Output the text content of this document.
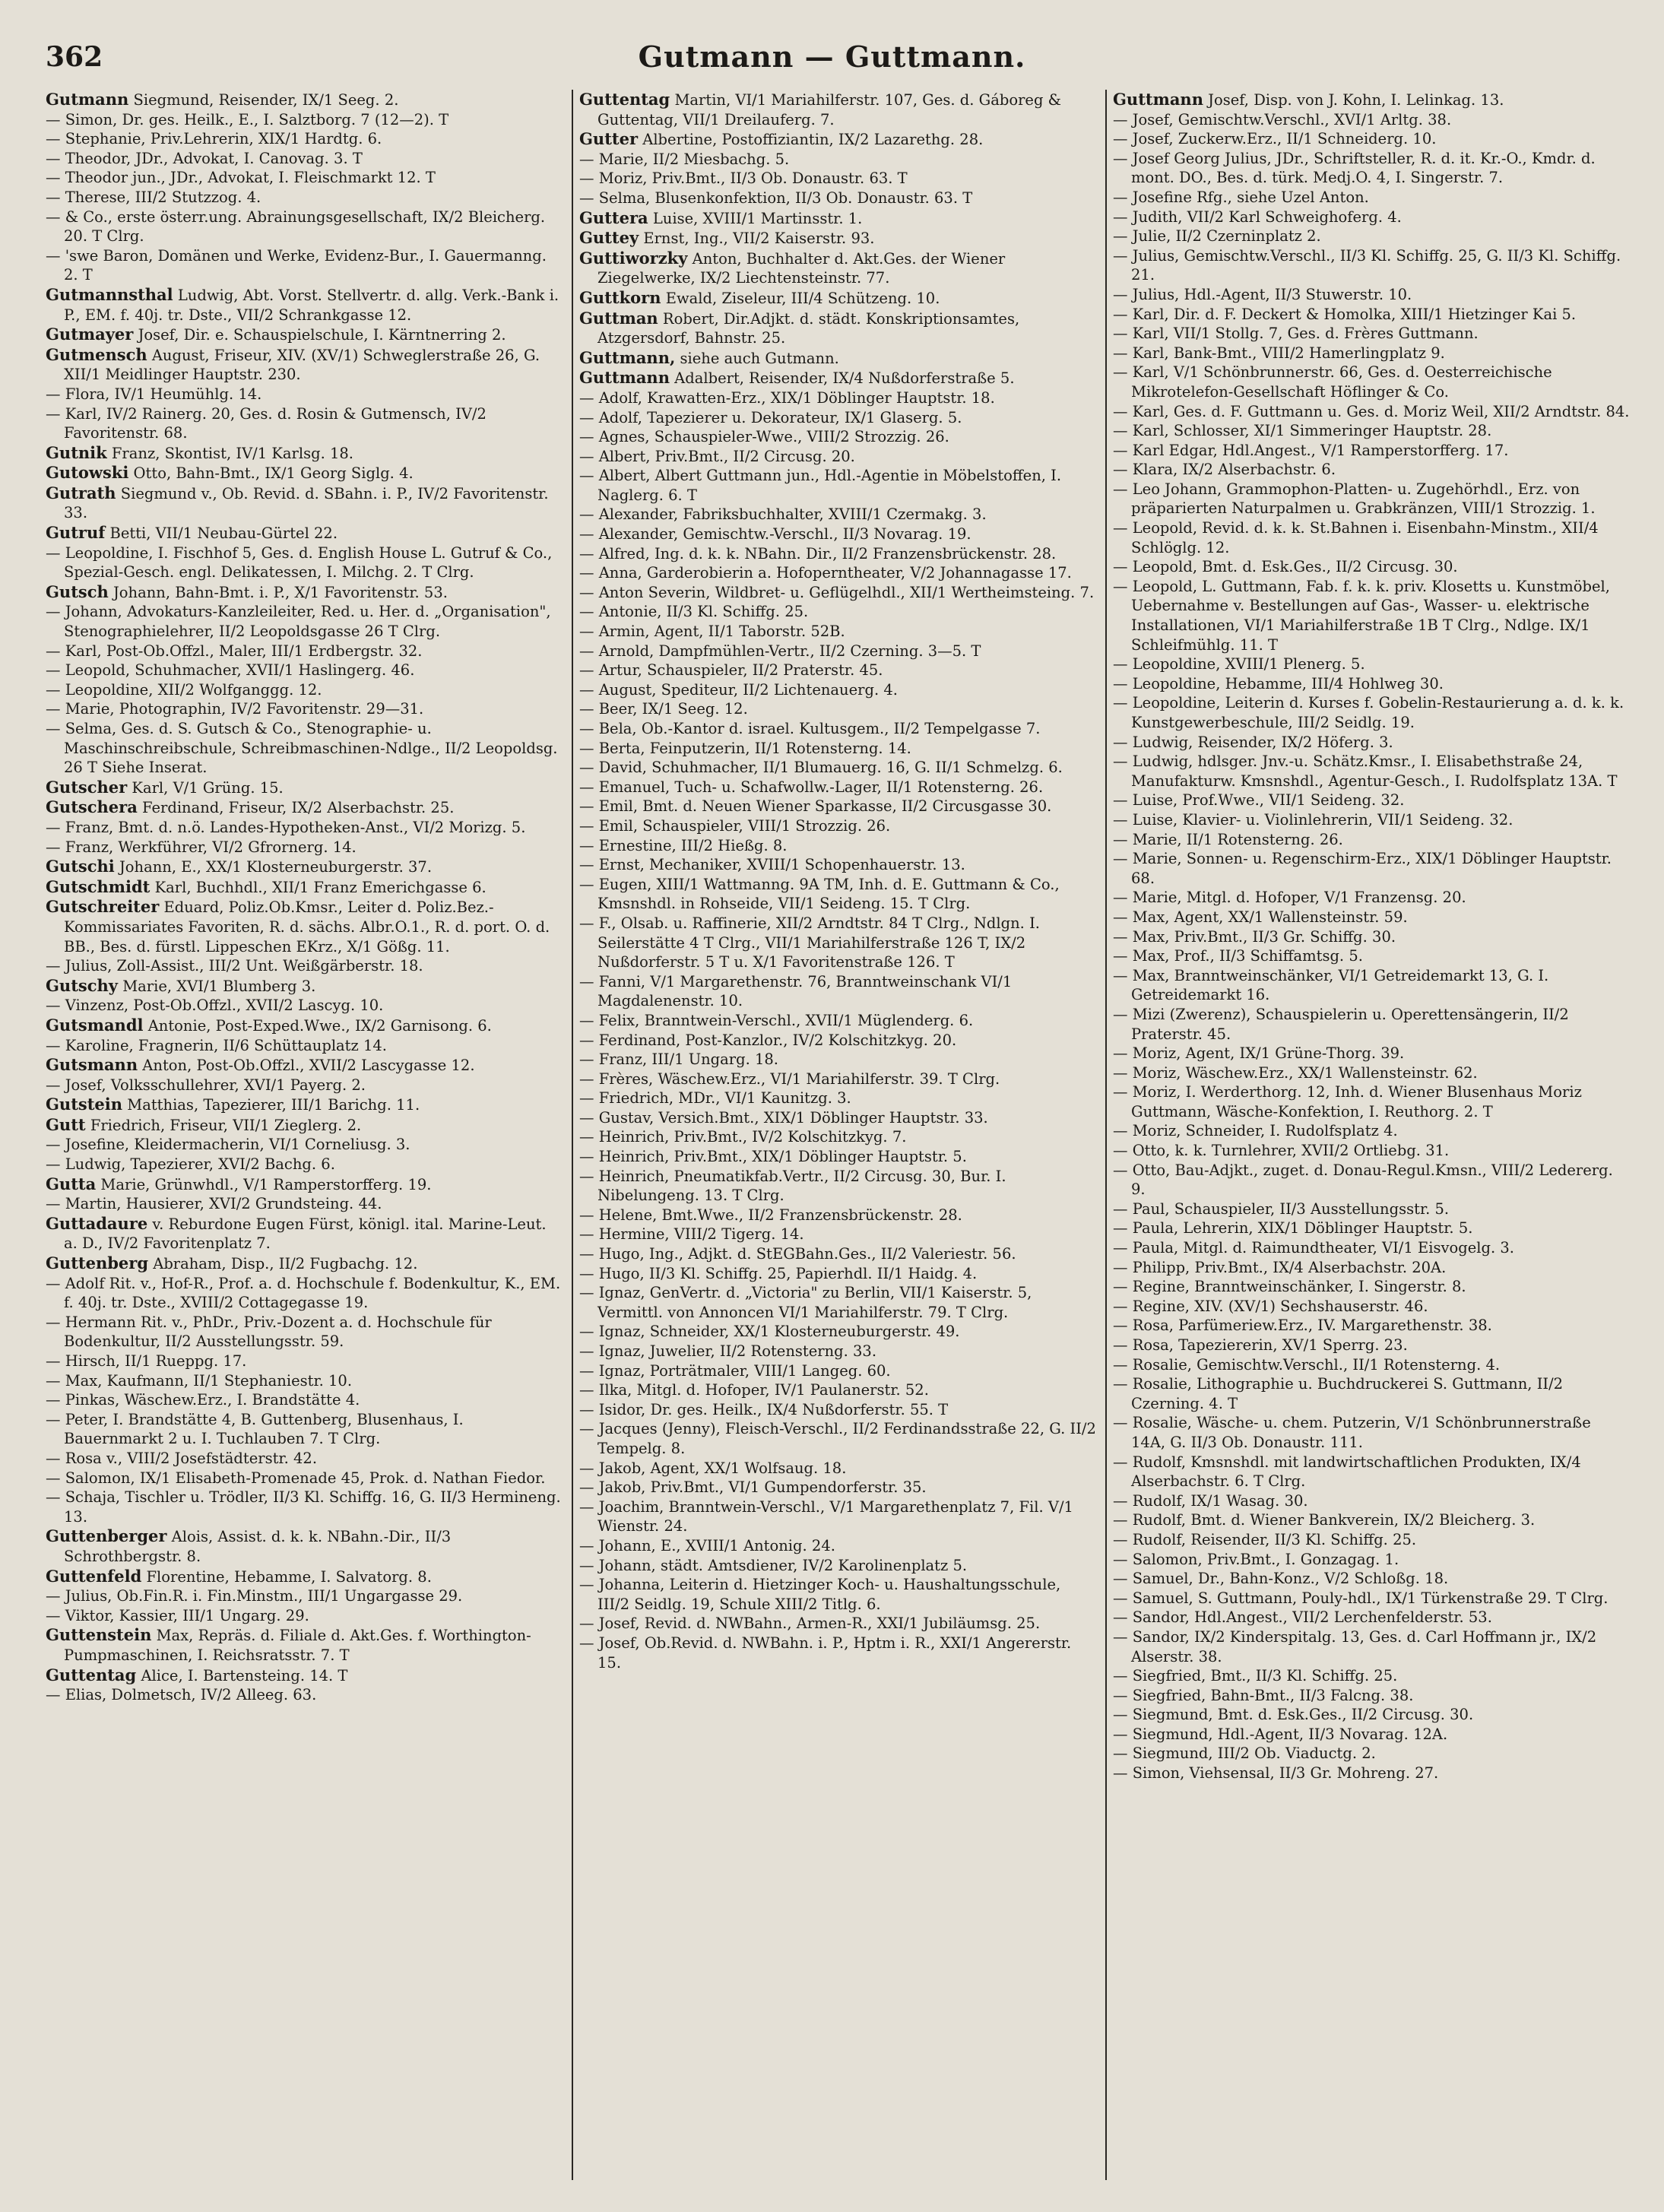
362	Gutmann — Guttmann.

Gutmann Siegmund, Reisender, IX/1 Seeg. 2.

— Simon, Dr. ges. Heilk., E., I. Salztborg. 7 (12—2). T

— Stephanie, Priv.Lehrerin, XIX/1 Hardtg. 6.

— Theodor, JDr., Advokat, I. Canovag. 3. T

— Theodor jun., JDr., Advokat, I. Fleischmarkt 12. T

— Therese, III/2 Stutzzog. 4.

— & Co., erste österr.ung. Abrainungsgesellschaft, IX/2 Bleicherg. 20. T Clrg.

— 'swe Baron, Domänen und Werke, Evidenz-Bur., I. Gauermanng. 2. T

Gutmannsthal Ludwig, Abt. Vorst. Stellvertr. d. allg. Verk.-Bank i. P., EM. f. 40j. tr. Dste., VII/2 Schrankgasse 12.

Gutmayer Josef, Dir. e. Schauspielschule, I. Kärntnerring 2.

Gutmensch August, Friseur, XIV. (XV/1) Schweglerstraße 26, G. XII/1 Meidlinger Hauptstr. 230.

— Flora, IV/1 Heumühlg. 14.

— Karl, IV/2 Rainerg. 20, Ges. d. Rosin & Gutmensch, IV/2 Favoritenstr. 68.

Gutnik Franz, Skontist, IV/1 Karlsg. 18.

Gutowski Otto, Bahn-Bmt., IX/1 Georg Siglg. 4.

Gutrath Siegmund v., Ob. Revid. d. SBahn. i. P., IV/2 Favoritenstr. 33.

Gutruf Betti, VII/1 Neubau-Gürtel 22.

— Leopoldine, I. Fischhof 5, Ges. d. English House L. Gutruf & Co., Spezial-Gesch. engl. Delikatessen, I. Milchg. 2. T Clrg.

Gutsch Johann, Bahn-Bmt. i. P., X/1 Favoritenstr. 53.

— Johann, Advokaturs-Kanzleileiter, Red. u. Her. d. „Organisation", Stenographielehrer, II/2 Leopoldsgasse 26 T Clrg.

— Karl, Post-Ob.Offzl., Maler, III/1 Erdbergstr. 32.

— Leopold, Schuhmacher, XVII/1 Haslingerg. 46.

— Leopoldine, XII/2 Wolfganggg. 12.

— Marie, Photographin, IV/2 Favoritenstr. 29—31.

— Selma, Ges. d. S. Gutsch & Co., Stenographie- u. Maschinschreibschule, Schreibmaschinen-Ndlge., II/2 Leopoldsg. 26 T Siehe Inserat.

Gutscher Karl, V/1 Grüng. 15.

Gutschera Ferdinand, Friseur, IX/2 Alserbachstr. 25.

— Franz, Bmt. d. n.ö. Landes-Hypotheken-Anst., VI/2 Morizg. 5.

— Franz, Werkführer, VI/2 Gfrornerg. 14.

Gutschi Johann, E., XX/1 Klosterneuburgerstr. 37.

Gutschmidt Karl, Buchhdl., XII/1 Franz Emerichgasse 6.

Gutschreiter Eduard, Poliz.Ob.Kmsr., Leiter d. Poliz.Bez.-Kommissariates Favoriten, R. d. sächs. Albr.O.1., R. d. port. O. d. BB., Bes. d. fürstl. Lippeschen EKrz., X/1 Gößg. 11.

— Julius, Zoll-Assist., III/2 Unt. Weißgärberstr. 18.

Gutschy Marie, XVI/1 Blumberg 3.

— Vinzenz, Post-Ob.Offzl., XVII/2 Lascyg. 10.

Gutsmandl Antonie, Post-Exped.Wwe., IX/2 Garnisong. 6.

— Karoline, Fragnerin, II/6 Schüttauplatz 14.

Gutsmann Anton, Post-Ob.Offzl., XVII/2 Lascygasse 12.

— Josef, Volksschullehrer, XVI/1 Payerg. 2.

Gutstein Matthias, Tapezierer, III/1 Barichg. 11.

Gutt Friedrich, Friseur, VII/1 Zieglerg. 2.

— Josefine, Kleidermacherin, VI/1 Corneliusg. 3.

— Ludwig, Tapezierer, XVI/2 Bachg. 6.

Gutta Marie, Grünwhdl., V/1 Ramperstorfferg. 19.

— Martin, Hausierer, XVI/2 Grundsteing. 44.

Guttadaure v. Reburdone Eugen Fürst, königl. ital. Marine-Leut. a. D., IV/2 Favoritenplatz 7.

Guttenberg Abraham, Disp., II/2 Fugbachg. 12.

— Adolf Rit. v., Hof-R., Prof. a. d. Hochschule f. Bodenkultur, K., EM. f. 40j. tr. Dste., XVIII/2 Cottagegasse 19.

— Hermann Rit. v., PhDr., Priv.-Dozent a. d. Hochschule für Bodenkultur, II/2 Ausstellungsstr. 59.

— Hirsch, II/1 Rueppg. 17.

— Max, Kaufmann, II/1 Stephaniestr. 10.

— Pinkas, Wäschew.Erz., I. Brandstätte 4.

— Peter, I. Brandstätte 4, B. Guttenberg, Blusenhaus, I. Bauernmarkt 2 u. I. Tuchlauben 7. T Clrg.

— Rosa v., VIII/2 Josefstädterstr. 42.

— Salomon, IX/1 Elisabeth-Promenade 45, Prok. d. Nathan Fiedor.

— Schaja, Tischler u. Trödler, II/3 Kl. Schiffg. 16, G. II/3 Hermineng. 13.

Guttenberger Alois, Assist. d. k. k. NBahn.-Dir., II/3 Schrothbergstr. 8.

Guttenfeld Florentine, Hebamme, I. Salvatorg. 8.

— Julius, Ob.Fin.R. i. Fin.Minstm., III/1 Ungargasse 29.

— Viktor, Kassier, III/1 Ungarg. 29.

Guttenstein Max, Repräs. d. Filiale d. Akt.Ges. f. Worthington-Pumpmaschinen, I. Reichsratsstr. 7. T

Guttentag Alice, I. Bartensteing. 14. T

— Elias, Dolmetsch, IV/2 Alleeg. 63.

Guttentag Martin, VI/1 Mariahilferstr. 107, Ges. d. Gáboreg & Guttentag, VII/1 Dreilauferg. 7.

Gutter Albertine, Postoffiziantin, IX/2 Lazarethg. 28.

— Marie, II/2 Miesbachg. 5.

— Moriz, Priv.Bmt., II/3 Ob. Donaustr. 63. T

— Selma, Blusenkonfektion, II/3 Ob. Donaustr. 63. T

Guttera Luise, XVIII/1 Martinsstr. 1.

Guttey Ernst, Ing., VII/2 Kaiserstr. 93.

Guttiworzky Anton, Buchhalter d. Akt.Ges. der Wiener Ziegelwerke, IX/2 Liechtensteinstr. 77.

Guttkorn Ewald, Ziseleur, III/4 Schützeng. 10.

Guttman Robert, Dir.Adjkt. d. städt. Konskriptionsamtes, Atzgersdorf, Bahnstr. 25.

Guttmann, siehe auch Gutmann.

Guttmann Adalbert, Reisender, IX/4 Nußdorferstraße 5.

— Adolf, Krawatten-Erz., XIX/1 Döblinger Hauptstr. 18.

— Adolf, Tapezierer u. Dekorateur, IX/1 Glaserg. 5.

— Agnes, Schauspieler-Wwe., VIII/2 Strozzig. 26.

— Albert, Priv.Bmt., II/2 Circusg. 20.

— Albert, Albert Guttmann jun., Hdl.-Agentie in Möbelstoffen, I. Naglerg. 6. T

— Alexander, Fabriksbuchhalter, XVIII/1 Czermakg. 3.

— Alexander, Gemischtw.-Verschl., II/3 Novarag. 19.

— Alfred, Ing. d. k. k. NBahn. Dir., II/2 Franzensbrückenstr. 28.

— Anna, Garderobierin a. Hofoperntheater, V/2 Johannagasse 17.

— Anton Severin, Wildbret- u. Geflügelhdl., XII/1 Wertheimsteing. 7.

— Antonie, II/3 Kl. Schiffg. 25.

— Armin, Agent, II/1 Taborstr. 52B.

— Arnold, Dampfmühlen-Vertr., II/2 Czerning. 3—5. T

— Artur, Schauspieler, II/2 Praterstr. 45.

— August, Spediteur, II/2 Lichtenauerg. 4.

— Beer, IX/1 Seeg. 12.

— Bela, Ob.-Kantor d. israel. Kultusgem., II/2 Tempelgasse 7.

— Berta, Feinputzerin, II/1 Rotensterng. 14.

— David, Schuhmacher, II/1 Blumauerg. 16, G. II/1 Schmelzg. 6.

— Emanuel, Tuch- u. Schafwollw.-Lager, II/1 Rotensterng. 26.

— Emil, Bmt. d. Neuen Wiener Sparkasse, II/2 Circusgasse 30.

— Emil, Schauspieler, VIII/1 Strozzig. 26.

— Ernestine, III/2 Hießg. 8.

— Ernst, Mechaniker, XVIII/1 Schopenhauerstr. 13.

— Eugen, XIII/1 Wattmanng. 9A TM, Inh. d. E. Guttmann & Co., Kmsnshdl. in Rohseide, VII/1 Seideng. 15. T Clrg.

— F., Olsab. u. Raffinerie, XII/2 Arndtstr. 84 T Clrg., Ndlgn. I. Seilerstätte 4 T Clrg., VII/1 Mariahilferstraße 126 T, IX/2 Nußdorferstr. 5 T u. X/1 Favoritenstraße 126. T

— Fanni, V/1 Margarethenstr. 76, Branntweinschank VI/1 Magdalenenstr. 10.

— Felix, Branntwein-Verschl., XVII/1 Müglenderg. 6.

— Ferdinand, Post-Kanzlor., IV/2 Kolschitzkyg. 20.

— Franz, III/1 Ungarg. 18.

— Frères, Wäschew.Erz., VI/1 Mariahilferstr. 39. T Clrg.

— Friedrich, MDr., VI/1 Kaunitzg. 3.

— Gustav, Versich.Bmt., XIX/1 Döblinger Hauptstr. 33.

— Heinrich, Priv.Bmt., IV/2 Kolschitzkyg. 7.

— Heinrich, Priv.Bmt., XIX/1 Döblinger Hauptstr. 5.

— Heinrich, Pneumatikfab.Vertr., II/2 Circusg. 30, Bur. I. Nibelungeng. 13. T Clrg.

— Helene, Bmt.Wwe., II/2 Franzensbrückenstr. 28.

— Hermine, VIII/2 Tigerg. 14.

— Hugo, Ing., Adjkt. d. StEGBahn.Ges., II/2 Valeriestr. 56.

— Hugo, II/3 Kl. Schiffg. 25, Papierhdl. II/1 Haidg. 4.

— Ignaz, GenVertr. d. „Victoria" zu Berlin, VII/1 Kaiserstr. 5, Vermittl. von Annoncen VI/1 Mariahilferstr. 79. T Clrg.

— Ignaz, Schneider, XX/1 Klosterneuburgerstr. 49.

— Ignaz, Juwelier, II/2 Rotensterng. 33.

— Ignaz, Porträtmaler, VIII/1 Langeg. 60.

— Ilka, Mitgl. d. Hofoper, IV/1 Paulanerstr. 52.

— Isidor, Dr. ges. Heilk., IX/4 Nußdorferstr. 55. T

— Jacques (Jenny), Fleisch-Verschl., II/2 Ferdinandsstraße 22, G. II/2 Tempelg. 8.

— Jakob, Agent, XX/1 Wolfsaug. 18.

— Jakob, Priv.Bmt., VI/1 Gumpendorferstr. 35.

— Joachim, Branntwein-Verschl., V/1 Margarethenplatz 7, Fil. V/1 Wienstr. 24.

— Johann, E., XVIII/1 Antonig. 24.

— Johann, städt. Amtsdiener, IV/2 Karolinenplatz 5.

— Johanna, Leiterin d. Hietzinger Koch- u. Haushaltungsschule, III/2 Seidlg. 19, Schule XIII/2 Titlg. 6.

— Josef, Revid. d. NWBahn., Armen-R., XXI/1 Jubiläumsg. 25.

— Josef, Ob.Revid. d. NWBahn. i. P., Hptm i. R., XXI/1 Angererstr. 15.

Guttmann Josef, Disp. von J. Kohn, I. Lelinkag. 13.

— Josef, Gemischtw.Verschl., XVI/1 Arltg. 38.

— Josef, Zuckerw.Erz., II/1 Schneiderg. 10.

— Josef Georg Julius, JDr., Schriftsteller, R. d. it. Kr.-O., Kmdr. d. mont. DO., Bes. d. türk. Medj.O. 4, I. Singerstr. 7.

— Josefine Rfg., siehe Uzel Anton.

— Judith, VII/2 Karl Schweighoferg. 4.

— Julie, II/2 Czerninplatz 2.

— Julius, Gemischtw.Verschl., II/3 Kl. Schiffg. 25, G. II/3 Kl. Schiffg. 21.

— Julius, Hdl.-Agent, II/3 Stuwerstr. 10.

— Karl, Dir. d. F. Deckert & Homolka, XIII/1 Hietzinger Kai 5.

— Karl, VII/1 Stollg. 7, Ges. d. Frères Guttmann.

— Karl, Bank-Bmt., VIII/2 Hamerlingplatz 9.

— Karl, V/1 Schönbrunnerstr. 66, Ges. d. Oesterreichische Mikrotelefon-Gesellschaft Höflinger & Co.

— Karl, Ges. d. F. Guttmann u. Ges. d. Moriz Weil, XII/2 Arndtstr. 84.

— Karl, Schlosser, XI/1 Simmeringer Hauptstr. 28.

— Karl Edgar, Hdl.Angest., V/1 Ramperstorfferg. 17.

— Klara, IX/2 Alserbachstr. 6.

— Leo Johann, Grammophon-Platten- u. Zugehörhdl., Erz. von präparierten Naturpalmen u. Grabkränzen, VIII/1 Strozzig. 1.

— Leopold, Revid. d. k. k. St.Bahnen i. Eisenbahn-Minstm., XII/4 Schlöglg. 12.

— Leopold, Bmt. d. Esk.Ges., II/2 Circusg. 30.

— Leopold, L. Guttmann, Fab. f. k. k. priv. Klosetts u. Kunstmöbel, Uebernahme v. Bestellungen auf Gas-, Wasser- u. elektrische Installationen, VI/1 Mariahilferstraße 1B T Clrg., Ndlge. IX/1 Schleifmühlg. 11. T

— Leopoldine, XVIII/1 Plenerg. 5.

— Leopoldine, Hebamme, III/4 Hohlweg 30.

— Leopoldine, Leiterin d. Kurses f. Gobelin-Restaurierung a. d. k. k. Kunstgewerbeschule, III/2 Seidlg. 19.

— Ludwig, Reisender, IX/2 Höferg. 3.

— Ludwig, hdlsger. Jnv.-u. Schätz.Kmsr., I. Elisabethstraße 24, Manufakturw. Kmsnshdl., Agentur-Gesch., I. Rudolfsplatz 13A. T

— Luise, Prof.Wwe., VII/1 Seideng. 32.

— Luise, Klavier- u. Violinlehrerin, VII/1 Seideng. 32.

— Marie, II/1 Rotensterng. 26.

— Marie, Sonnen- u. Regenschirm-Erz., XIX/1 Döblinger Hauptstr. 68.

— Marie, Mitgl. d. Hofoper, V/1 Franzensg. 20.

— Max, Agent, XX/1 Wallensteinstr. 59.

— Max, Priv.Bmt., II/3 Gr. Schiffg. 30.

— Max, Prof., II/3 Schiffamtsg. 5.

— Max, Branntweinschänker, VI/1 Getreidemarkt 13, G. I. Getreidemarkt 16.

— Mizi (Zwerenz), Schauspielerin u. Operettensängerin, II/2 Praterstr. 45.

— Moriz, Agent, IX/1 Grüne-Thorg. 39.

— Moriz, Wäschew.Erz., XX/1 Wallensteinstr. 62.

— Moriz, I. Werderthorg. 12, Inh. d. Wiener Blusenhaus Moriz Guttmann, Wäsche-Konfektion, I. Reuthorg. 2. T

— Moriz, Schneider, I. Rudolfsplatz 4.

— Otto, k. k. Turnlehrer, XVII/2 Ortliebg. 31.

— Otto, Bau-Adjkt., zuget. d. Donau-Regul.Kmsn., VIII/2 Ledererg. 9.

— Paul, Schauspieler, II/3 Ausstellungsstr. 5.

— Paula, Lehrerin, XIX/1 Döblinger Hauptstr. 5.

— Paula, Mitgl. d. Raimundtheater, VI/1 Eisvogelg. 3.

— Philipp, Priv.Bmt., IX/4 Alserbachstr. 20A.

— Regine, Branntweinschänker, I. Singerstr. 8.

— Regine, XIV. (XV/1) Sechshauserstr. 46.

— Rosa, Parfümeriew.Erz., IV. Margarethenstr. 38.

— Rosa, Tapeziererin, XV/1 Sperrg. 23.

— Rosalie, Gemischtw.Verschl., II/1 Rotensterng. 4.

— Rosalie, Lithographie u. Buchdruckerei S. Guttmann, II/2 Czerning. 4. T

— Rosalie, Wäsche- u. chem. Putzerin, V/1 Schönbrunnerstraße 14A, G. II/3 Ob. Donaustr. 111.

— Rudolf, Kmsnshdl. mit landwirtschaftlichen Produkten, IX/4 Alserbachstr. 6. T Clrg.

— Rudolf, IX/1 Wasag. 30.

— Rudolf, Bmt. d. Wiener Bankverein, IX/2 Bleicherg. 3.

— Rudolf, Reisender, II/3 Kl. Schiffg. 25.

— Salomon, Priv.Bmt., I. Gonzagag. 1.

— Samuel, Dr., Bahn-Konz., V/2 Schloßg. 18.

— Samuel, S. Guttmann, Pouly-hdl., IX/1 Türkenstraße 29. T Clrg.

— Sandor, Hdl.Angest., VII/2 Lerchenfelderstr. 53.

— Sandor, IX/2 Kinderspitalg. 13, Ges. d. Carl Hoffmann jr., IX/2 Alserstr. 38.

— Siegfried, Bmt., II/3 Kl. Schiffg. 25.

— Siegfried, Bahn-Bmt., II/3 Falcng. 38.

— Siegmund, Bmt. d. Esk.Ges., II/2 Circusg. 30.

— Siegmund, Hdl.-Agent, II/3 Novarag. 12A.

— Siegmund, III/2 Ob. Viaductg. 2.

— Simon, Viehsensal, II/3 Gr. Mohreng. 27.
